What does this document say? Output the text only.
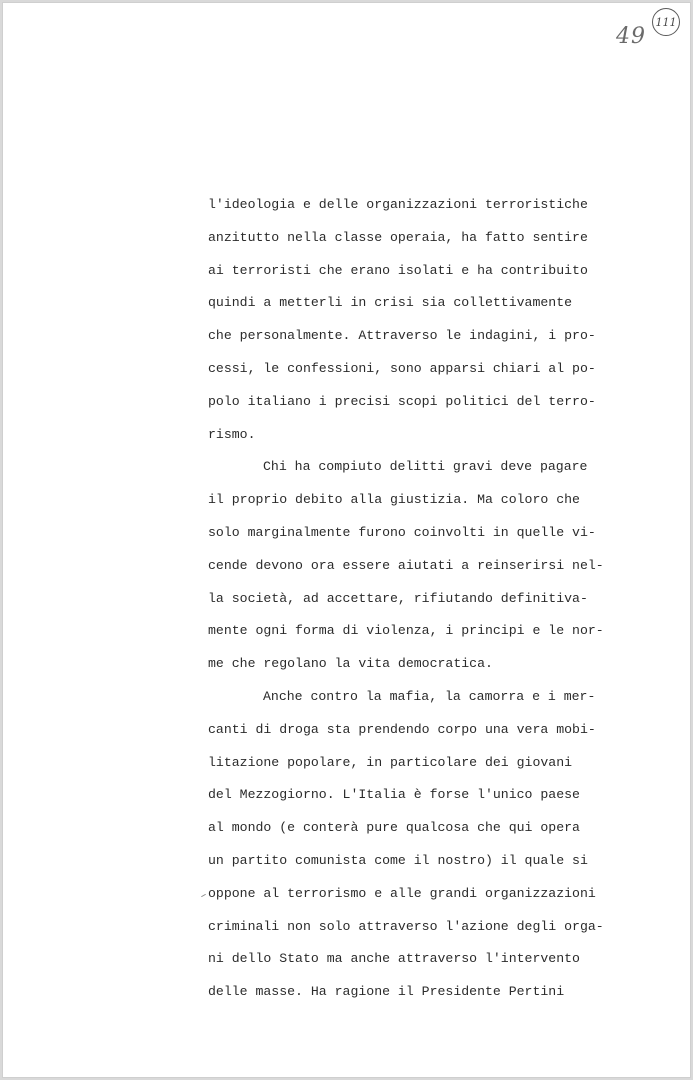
111
49
l'ideologia e delle organizzazioni terroristiche
anzitutto nella classe operaia, ha fatto sentire
ai terroristi che erano isolati e ha contribuito
quindi a metterli in crisi sia collettivamente
che personalmente. Attraverso le indagini, i pro-
cessi, le confessioni, sono apparsi chiari al po-
polo italiano i precisi scopi politici del terro-
rismo.
Chi ha compiuto delitti gravi deve pagare
il proprio debito alla giustizia. Ma coloro che
solo marginalmente furono coinvolti in quelle vi-
cende devono ora essere aiutati a reinserirsi nel-
la società, ad accettare, rifiutando definitiva-
mente ogni forma di violenza, i principi e le nor-
me che regolano la vita democratica.
Anche contro la mafia, la camorra e i mer-
canti di droga sta prendendo corpo una vera mobi-
litazione popolare, in particolare dei giovani
del Mezzogiorno. L'Italia è forse l'unico paese
al mondo (e conterà pure qualcosa che qui opera
un partito comunista come il nostro) il quale si
oppone al terrorismo e alle grandi organizzazioni
criminali non solo attraverso l'azione degli orga-
ni dello Stato ma anche attraverso l'intervento
delle masse. Ha ragione il Presidente Pertini
